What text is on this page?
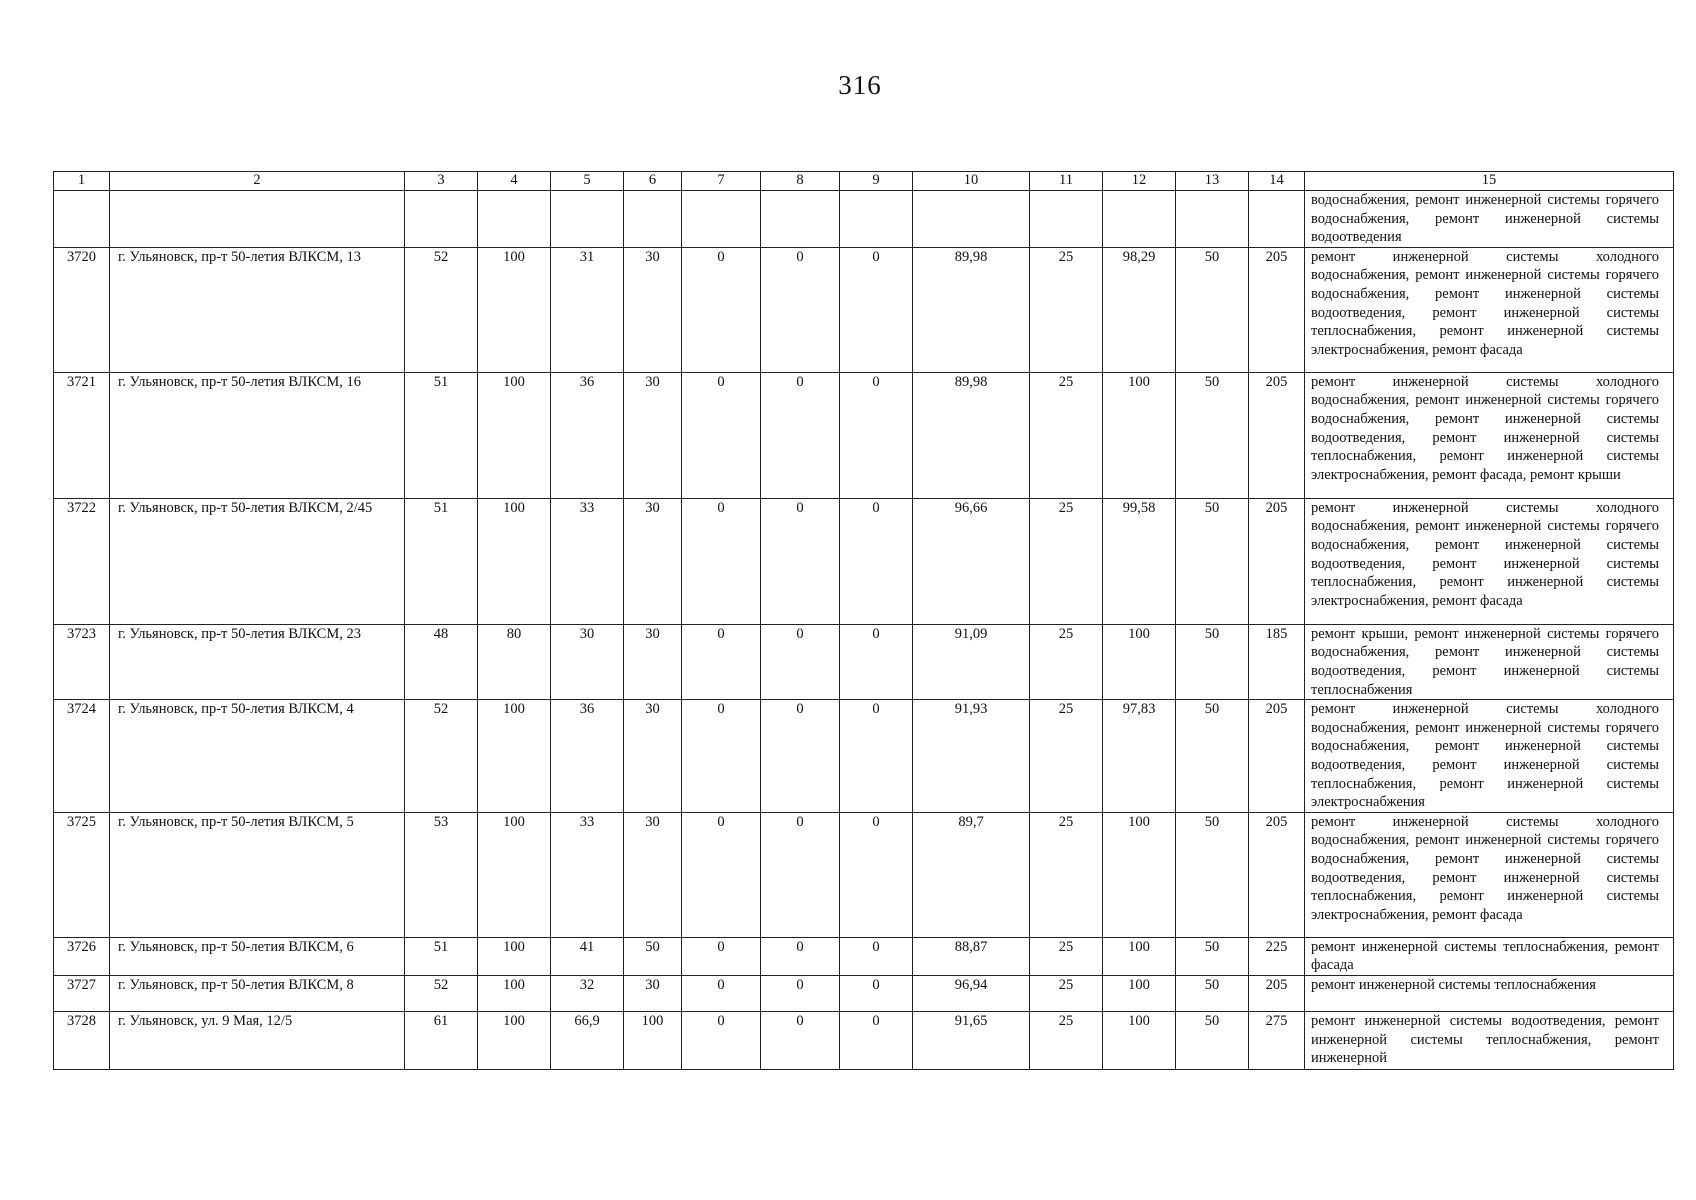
316
1	2	3	4	5	6	7	8	9	10	11	12	13	14	15
														водоснабжения, ремонт инженерной системы горячего водоснабжения, ремонт инженерной системы водоотведения
3720	г. Ульяновск, пр-т 50-летия ВЛКСМ, 13	52	100	31	30	0	0	0	89,98	25	98,29	50	205	ремонт инженерной системы холодного водоснабжения, ремонт инженерной системы горячего водоснабжения, ремонт инженерной системы водоотведения, ремонт инженерной системы теплоснабжения, ремонт инженерной системы электроснабжения, ремонт фасада
3721	г. Ульяновск, пр-т 50-летия ВЛКСМ, 16	51	100	36	30	0	0	0	89,98	25	100	50	205	ремонт инженерной системы холодного водоснабжения, ремонт инженерной системы горячего водоснабжения, ремонт инженерной системы водоотведения, ремонт инженерной системы теплоснабжения, ремонт инженерной системы электроснабжения, ремонт фасада, ремонт крыши
3722	г. Ульяновск, пр-т 50-летия ВЛКСМ, 2/45	51	100	33	30	0	0	0	96,66	25	99,58	50	205	ремонт инженерной системы холодного водоснабжения, ремонт инженерной системы горячего водоснабжения, ремонт инженерной системы водоотведения, ремонт инженерной системы теплоснабжения, ремонт инженерной системы электроснабжения, ремонт фасада
3723	г. Ульяновск, пр-т 50-летия ВЛКСМ, 23	48	80	30	30	0	0	0	91,09	25	100	50	185	ремонт крыши, ремонт инженерной системы горячего водоснабжения, ремонт инженерной системы водоотведения, ремонт инженерной системы теплоснабжения
3724	г. Ульяновск, пр-т 50-летия ВЛКСМ, 4	52	100	36	30	0	0	0	91,93	25	97,83	50	205	ремонт инженерной системы холодного водоснабжения, ремонт инженерной системы горячего водоснабжения, ремонт инженерной системы водоотведения, ремонт инженерной системы теплоснабжения, ремонт инженерной системы электроснабжения
3725	г. Ульяновск, пр-т 50-летия ВЛКСМ, 5	53	100	33	30	0	0	0	89,7	25	100	50	205	ремонт инженерной системы холодного водоснабжения, ремонт инженерной системы горячего водоснабжения, ремонт инженерной системы водоотведения, ремонт инженерной системы теплоснабжения, ремонт инженерной системы электроснабжения, ремонт фасада
3726	г. Ульяновск, пр-т 50-летия ВЛКСМ, 6	51	100	41	50	0	0	0	88,87	25	100	50	225	ремонт инженерной системы теплоснабжения, ремонт фасада
3727	г. Ульяновск, пр-т 50-летия ВЛКСМ, 8	52	100	32	30	0	0	0	96,94	25	100	50	205	ремонт инженерной системы теплоснабжения
3728	г. Ульяновск, ул. 9 Мая, 12/5	61	100	66,9	100	0	0	0	91,65	25	100	50	275	ремонт инженерной системы водоотведения, ремонт инженерной системы теплоснабжения, ремонт инженерной
